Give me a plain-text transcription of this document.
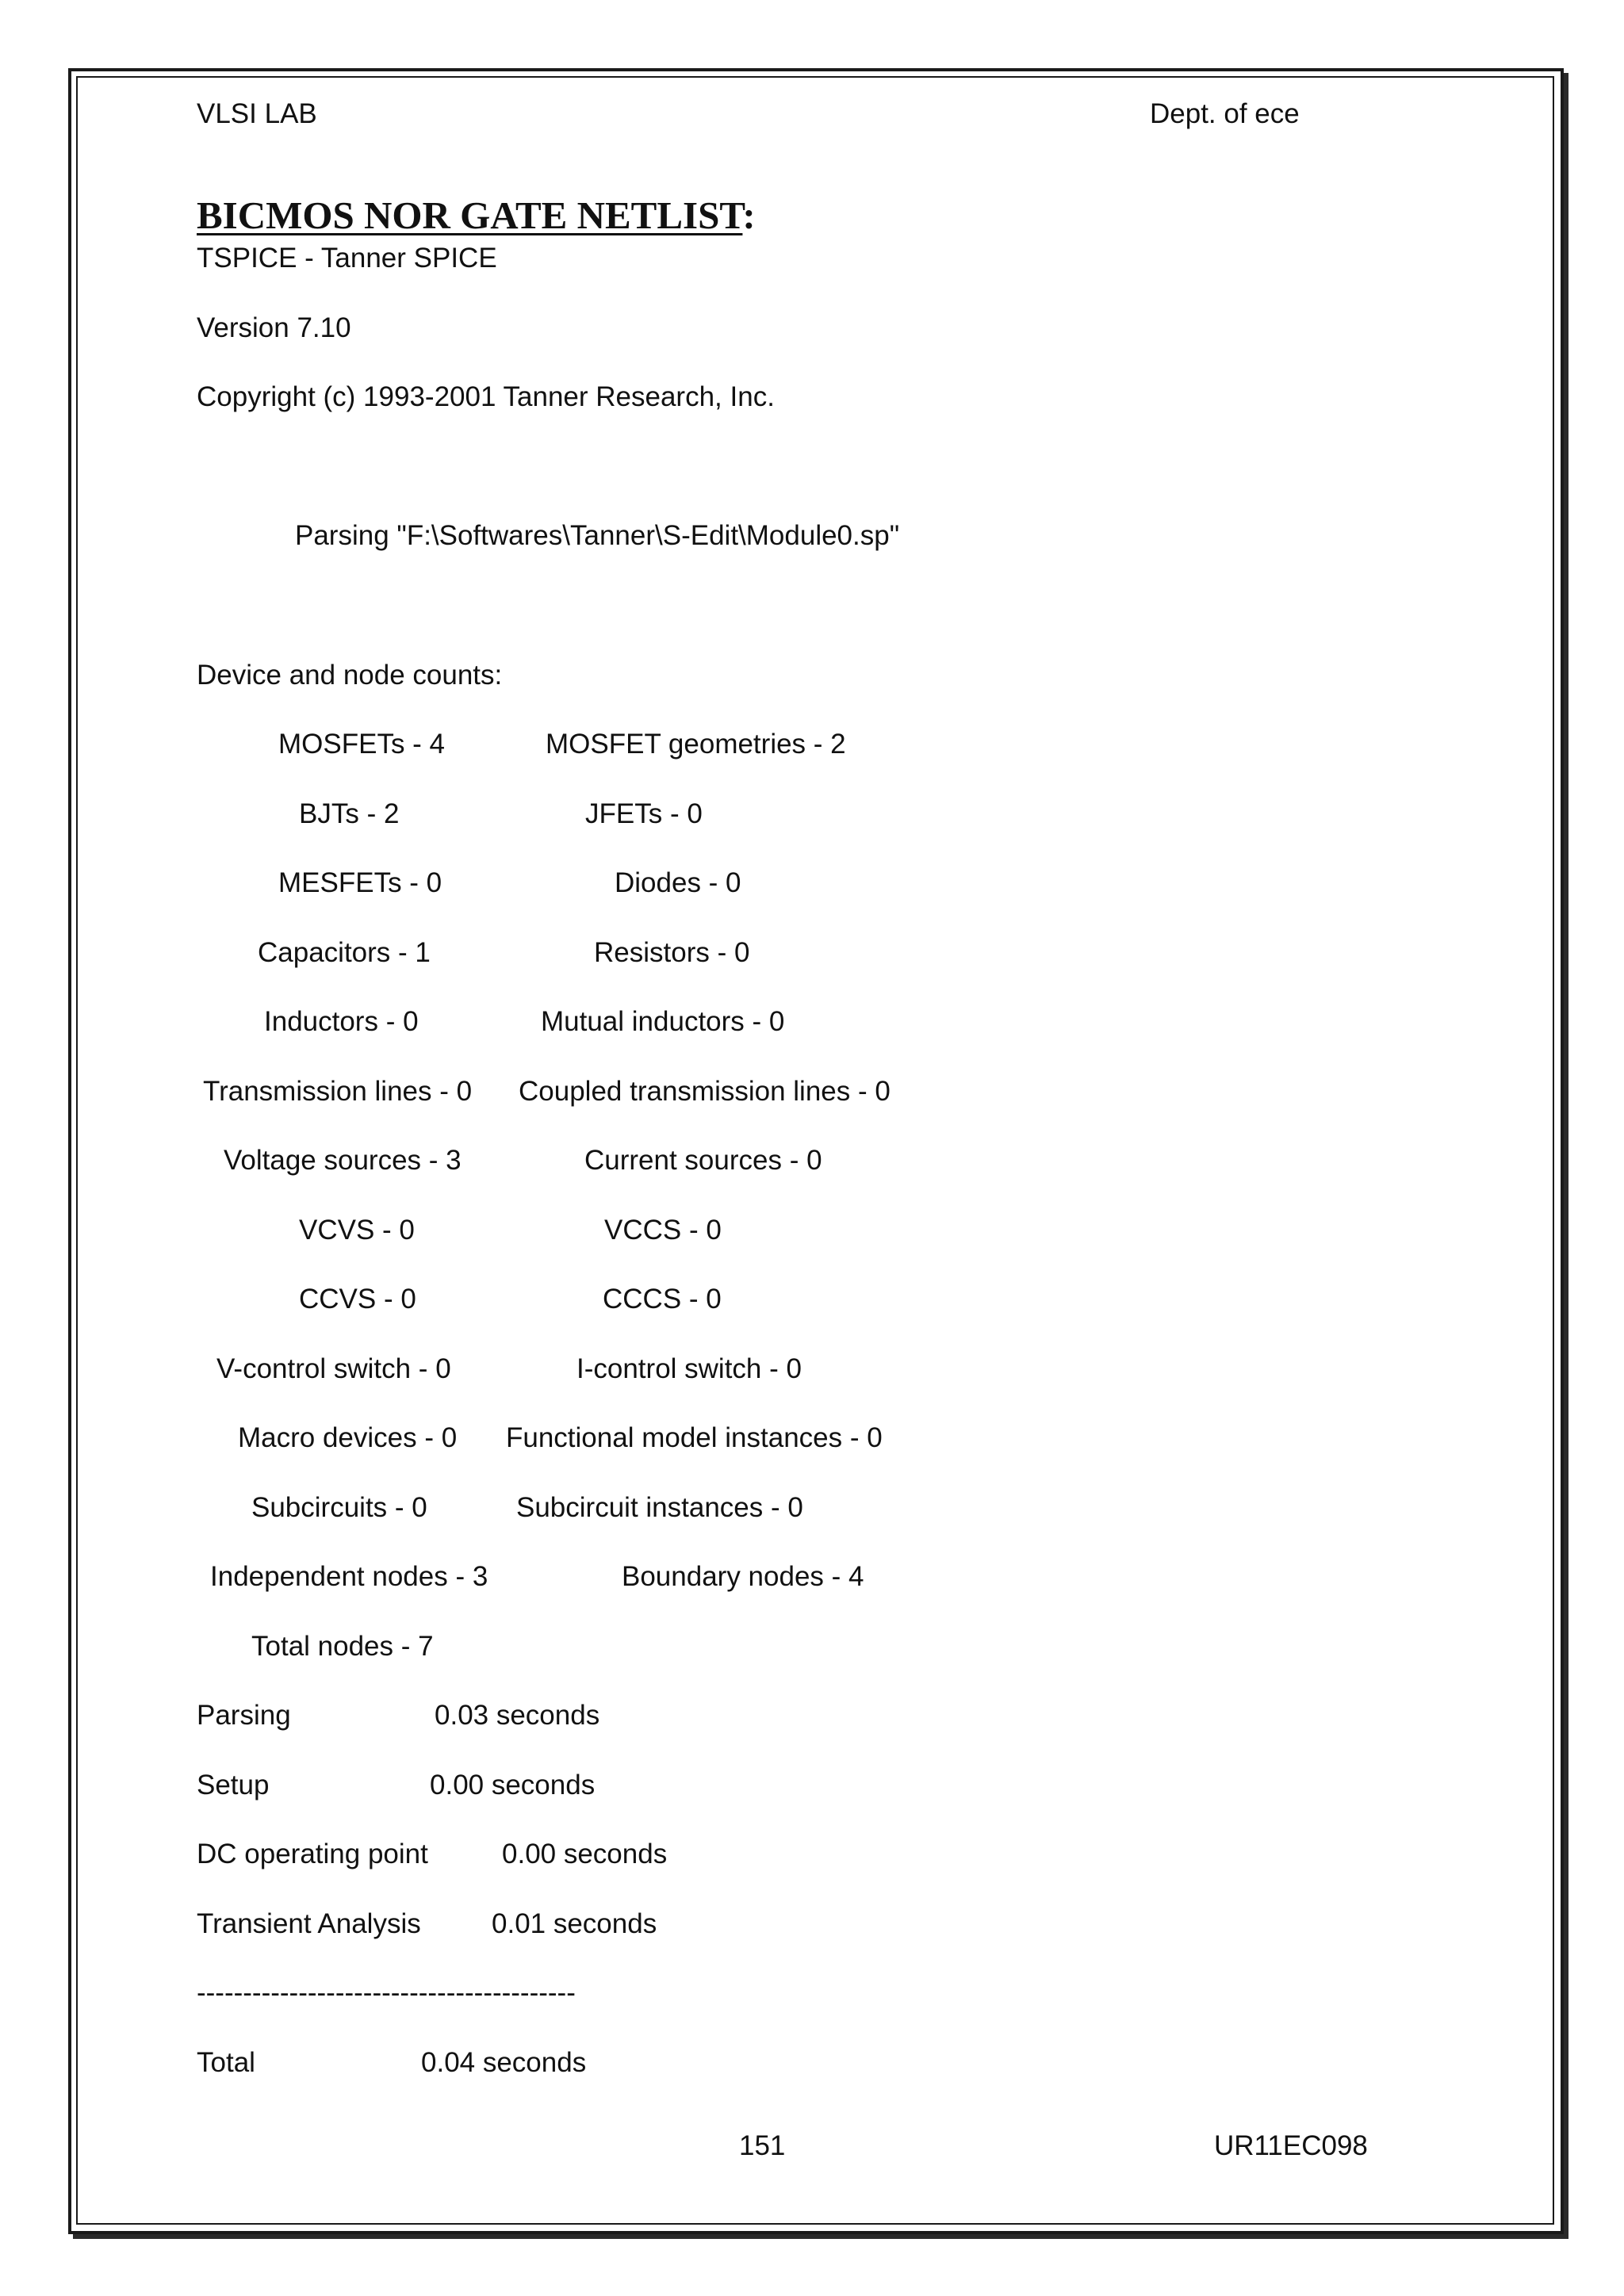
VLSI LAB	Dept. of ece
BICMOS NOR GATE NETLIST:
TSPICE - Tanner SPICE
Version 7.10
Copyright (c) 1993-2001 Tanner Research, Inc.
Parsing "F:\Softwares\Tanner\S-Edit\Module0.sp"
Device and node counts:
MOSFETs - 4	MOSFET geometries - 2
BJTs - 2	JFETs - 0
MESFETs - 0	Diodes - 0
Capacitors - 1	Resistors - 0
Inductors - 0	Mutual inductors - 0
Transmission lines - 0 Coupled transmission lines - 0
Voltage sources - 3	Current sources - 0
VCVS - 0	VCCS - 0
CCVS - 0	CCCS - 0
V-control switch - 0	I-control switch - 0
Macro devices - 0 Functional model instances - 0
Subcircuits - 0	Subcircuit instances - 0
Independent nodes - 3	Boundary nodes - 4
Total nodes - 7
Parsing	0.03 seconds
Setup	0.00 seconds
DC operating point	0.00 seconds
Transient Analysis	0.01 seconds
-----------------------------------------
Total	0.04 seconds
151	UR11EC098
